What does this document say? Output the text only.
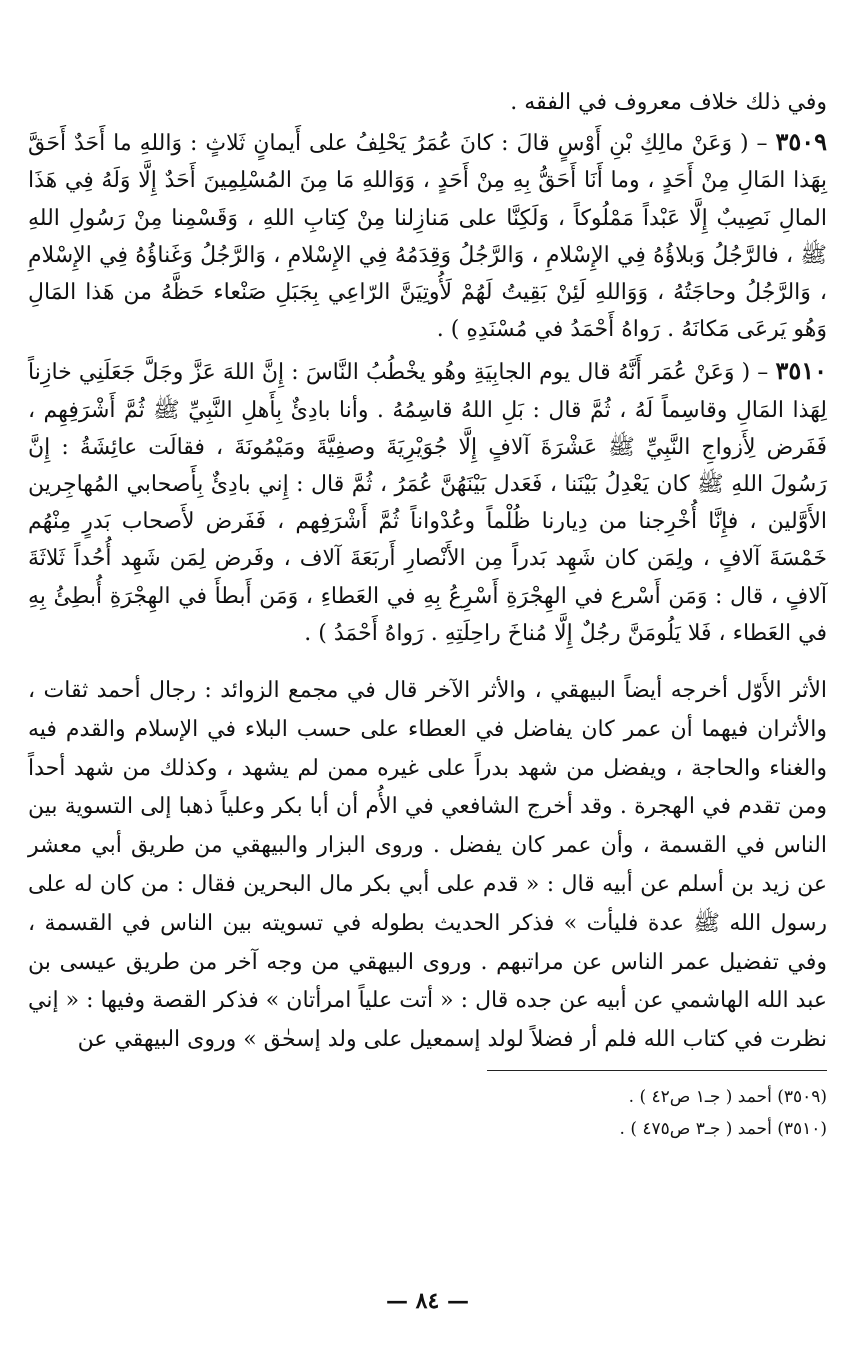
وفي ذلك خلاف معروف في الفقه .

٣٥٠٩ – ( وَعَنْ مالِكِ بْنِ أَوْسٍ قالَ : كانَ عُمَرُ يَحْلِفُ على أَيمانٍ ثَلاثٍ : وَاللهِ ما أَحَدٌ أَحَقَّ بِهَذا المَالِ مِنْ أَحَدٍ ، وما أَنَا أَحَقُّ بِهِ مِنْ أَحَدٍ ، وَوَاللهِ مَا مِنَ المُسْلِمِينَ أَحَدٌ إِلَّا وَلَهُ فِي هَذَا المالِ نَصِيبٌ إِلَّا عَبْداً مَمْلُوكاً ، وَلَكِنَّا على مَنازِلنا مِنْ كِتابِ اللهِ ، وَقَسْمِنا مِنْ رَسُولِ اللهِ ﷺ ، فالرَّجُلُ وَبلاؤُهُ فِي الإِسْلامِ ، وَالرَّجُلُ وَقِدَمُهُ فِي الإِسْلامِ ، وَالرَّجُلُ وَغَناؤُهُ فِي الإِسْلامِ ، وَالرَّجُلُ وحاجَتُهُ ، وَوَاللهِ لَئِنْ بَقِيتُ لَهُمْ لَأُوتِيَنَّ الرّاعِي بِجَبَلِ صَنْعاء حَظَّهُ من هَذا المَالِ وَهُو يَرعَى مَكانَهُ . رَواهُ أَحْمَدُ في مُسْنَدِهِ ) .

٣٥١٠ – ( وَعَنْ عُمَر أَنَّهُ قال يوم الجابِيَةِ وهُو يخْطُبُ النَّاسَ : إِنَّ اللهَ عَزَّ وجَلَّ جَعَلَنِي خازِناً لِهَذا المَالِ وقاسِماً لَهُ ، ثُمَّ قال : بَلِ اللهُ قاسِمُهُ . وأنا بادِئٌ بِأَهلِ النَّبِيِّ ﷺ ثُمَّ أَشْرَفِهِم ، فَفَرض لِأَزواجِ النَّبِيِّ ﷺ عَشْرَةَ آلافٍ إِلَّا جُوَيْرِيَةَ وصفِيَّةَ ومَيْمُونَةَ ، فقالَت عائِشَةُ : إِنَّ رَسُولَ اللهِ ﷺ كان يَعْدِلُ بَيْنَنا ، فَعَدل بَيْنَهُنَّ عُمَرُ ، ثُمَّ قال : إِني بادِئٌ بِأَصحابي المُهاجِرين الأَوَّلين ، فإِنَّا أُخْرِجنا من دِيارنا ظُلْماً وعُدْواناً ثُمَّ أَشْرَفِهم ، فَفَرض لأَصحاب بَدرٍ مِنْهُم خَمْسَةَ آلافٍ ، ولِمَن كان شَهِد بَدراً مِن الأَنْصارِ أَربَعَةَ آلاف ، وفَرض لِمَن شَهِد أُحُداً ثَلاثَةَ آلافٍ ، قال : وَمَن أَسْرع في الهِجْرَةِ أَسْرِعُ بِهِ في العَطاءِ ، وَمَن أَبطأَ في الهِجْرَةِ أُبطِئُ بِهِ في العَطاء ، فَلا يَلُومَنَّ رجُلٌ إِلَّا مُناخَ راحِلَتِهِ . رَواهُ أَحْمَدُ ) .

الأثر الأَوّل أخرجه أيضاً البيهقي ، والأثر الآخر قال في مجمع الزوائد : رجال أحمد ثقات ، والأثران فيهما أن عمر كان يفاضل في العطاء على حسب البلاء في الإسلام والقدم فيه والغناء والحاجة ، ويفضل من شهد بدراً على غيره ممن لم يشهد ، وكذلك من شهد أحداً ومن تقدم في الهجرة . وقد أخرج الشافعي في الأُم أن أبا بكر وعلياً ذهبا إلى التسوية بين الناس في القسمة ، وأن عمر كان يفضل . وروى البزار والبيهقي من طريق أبي معشر عن زيد بن أسلم عن أبيه قال : « قدم على أبي بكر مال البحرين فقال : من كان له على رسول الله ﷺ عدة فليأت » فذكر الحديث بطوله في تسويته بين الناس في القسمة ، وفي تفضيل عمر الناس عن مراتبهم . وروى البيهقي من وجه آخر من طريق عيسى بن عبد الله الهاشمي عن أبيه عن جده قال : « أتت علياً امرأتان » فذكر القصة وفيها : « إني نظرت في كتاب الله فلم أر فضلاً لولد إسمعيل على ولد إسحٰق » وروى البيهقي عن

(٣٥٠٩) أحمد ( جـ١ ص٤٢ ) .
(٣٥١٠) أحمد ( جـ٣ ص٤٧٥ ) .
— ٨٤ —
